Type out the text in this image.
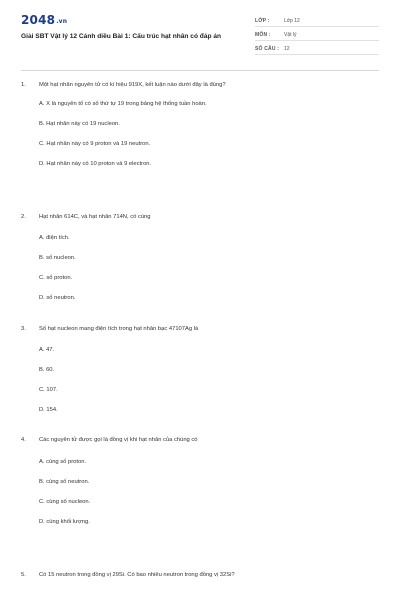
2048.vn
Giải SBT Vật lý 12 Cánh diều Bài 1: Cấu trúc hạt nhân có đáp án
LỚP :	Lớp 12
MÔN :	Vật lý
SỐ CÂU : 12
1. Một hạt nhân nguyên tử có kí hiệu 919X, kết luận nào dưới đây là đúng?
A. X là nguyên tố có số thứ tự 19 trong bảng hệ thống tuần hoàn.
B. Hạt nhân này có 19 nucleon.
C. Hạt nhân này có 9 proton và 19 neutron.
D. Hạt nhân này có 10 proton và 9 electron.
2. Hạt nhân 614C, và hạt nhân 714N, có cùng
A. điện tích.
B. số nucleon.
C. số proton.
D. số neutron.
3. Số hạt nucleon mang điện tích trong hạt nhân bạc 47107Ag là
A. 47.
B. 60.
C. 107.
D. 154.
4. Các nguyên tử được gọi là đồng vị khi hạt nhân của chúng có
A. cùng số proton.
B. cùng số neutron.
C. cùng số nucleon.
D. cùng khối lượng.
5. Có 15 neutron trong đồng vị 29Si. Có bao nhiêu neutron trong đồng vị 32Si?
